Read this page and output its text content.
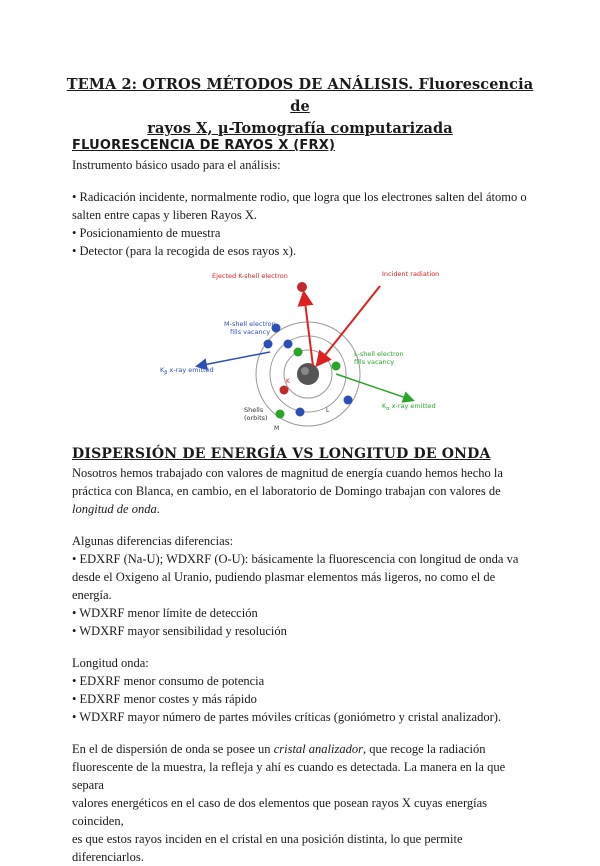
TEMA 2: OTROS MÉTODOS DE ANÁLISIS. Fluorescencia de
rayos X, µ-Tomografía computarizada
FLUORESCENCIA DE RAYOS X (FRX)

Instrumento básico usado para el análisis:

• Radicación incidente, normalmente rodio, que logra que los electrones salten del átomo o

salten entre capas y liberen Rayos X.

• Posicionamiento de muestra

• Detector (para la recogida de esos rayos x).

Ejected K-shell electron	Incident radiation
M-shell electron
fills vacancy
L-shell electron
fills vacancy
$K_\beta$ x-ray emitted
$K_\alpha$ x-ray emitted
Shells
(orbits)
M
K
L
DISPERSIÓN DE ENERGÍA VS LONGITUD DE ONDA

Nosotros hemos trabajado con valores de magnitud de energía cuando hemos hecho la

práctica con Blanca, en cambio, en el laboratorio de Domingo trabajan con valores de

longitud de onda.

Algunas diferencias diferencias:

• EDXRF (Na-U); WDXRF (O-U): básicamente la fluorescencia con longitud de onda va

desde el Oxigeno al Uranio, pudiendo plasmar elementos más ligeros, no como el de energía.

• WDXRF menor límite de detección

• WDXRF mayor sensibilidad y resolución

Longitud onda:

• EDXRF menor consumo de potencia

• EDXRF menor costes y más rápido

• WDXRF mayor número de partes móviles críticas (goniómetro y cristal analizador).

En el de dispersión de onda se posee un cristal analizador, que recoge la radiación

fluorescente de la muestra, la refleja y ahí es cuando es detectada. La manera en la que separa

valores energéticos en el caso de dos elementos que posean rayos X cuyas energías coinciden,

es que estos rayos inciden en el cristal en una posición distinta, lo que permite diferenciarlos.
